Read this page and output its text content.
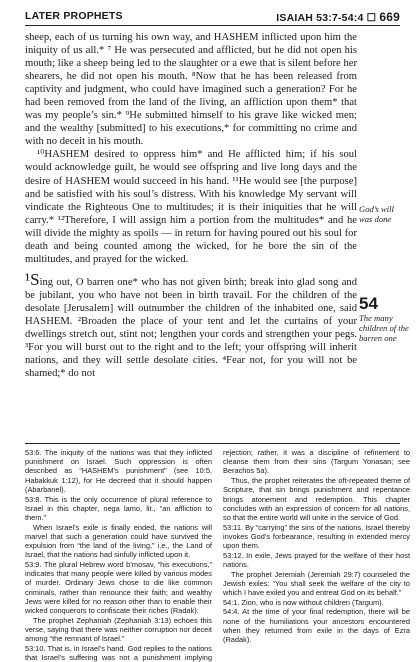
LATER PROPHETS	ISAIAH 53:7-54:4 ☐ 669

sheep, each of us turning his own way, and HASHEM inflicted upon him the iniquity of us all.* ⁷ He was persecuted and afflicted, but he did not open his mouth; like a sheep being led to the slaughter or a ewe that is silent before her shearers, he did not open his mouth. ⁸Now that he has been released from captivity and judgment, who could have imagined such a generation? For he had been removed from the land of the living, an affliction upon them* that was my people’s sin.* ⁹He submitted himself to his grave like wicked men; and the wealthy [submitted] to his executions,* for committing no crime and with no deceit in his mouth.

¹⁰HASHEM desired to oppress him* and He afflicted him; if his soul would acknowledge guilt, he would see offspring and live long days and the desire of HASHEM would succeed in his hand. ¹¹He would see [the purpose] and be satisfied with his soul’s distress. With his knowledge My servant will vindicate the Righteous One to multitudes; it is their iniquities that he will carry.* ¹²Therefore, I will assign him a portion from the multitudes* and he will divide the mighty as spoils — in return for having poured out his soul for death and being counted among the wicked, for he bore the sin of the multitudes, and prayed for the wicked.

¹Sing out, O barren one* who has not given birth; break into glad song and be jubilant, you who have not been in birth travail. For the children of the desolate [Jerusalem] will outnumber the children of the inhabited one, said HASHEM. ²Broaden the place of your tent and let the curtains of your dwellings stretch out, stint not; lengthen your cords and strengthen your pegs. ³For you will burst out to the right and to the left; your offspring will inherit nations, and they will settle desolate cities. ⁴Fear not, for you will not be shamed;* do not

God’s will was done
54
The many children of the barren one

53:6. The iniquity of the nations was that they inflicted punishment on Israel. Such oppression is often described as “HASHEM’s punishment” (see 10:5, Habakkuk 1:12), for He decreed that it should happen (Abarbanel).

53:8. This is the only occurrence of plural reference to Israel in this chapter, nega lamo, lit., “an affliction to them.”

When Israel’s exile is finally ended, the nations will marvel that such a generation could have survived the expulsion from “the land of the living,” i.e., the Land of Israel, that the nations had sinfully inflicted upon it.

53:9. The plural Hebrew word b’mosav, “his executions,” indicates that many people were killed by various modes of murder. Ordinary Jews chose to die like common criminals, rather than renounce their faith; and wealthy Jews were killed for no reason other than to enable their wicked conquerors to confiscate their riches (Radak).

The prophet Zephaniah (Zephaniah 3:13) echoes this verse, saying that there was neither corruption nor deceit among “the remnant of Israel.”

53:10. That is, in Israel’s hand. God replies to the nations that Israel’s suffering was not a punishment implying rejection; rather, it was a discipline of refinement to cleanse them from their sins (Targum Yonasan; see Berachos 5a).

Thus, the prophet reiterates the oft-repeated theme of Scripture, that sin brings punishment and repentance brings atonement and redemption. This chapter concludes with an expression of concern for all nations, so that the entire world will unite in the service of God.

53:11. By “carrying” the sins of the nations, Israel thereby invokes God’s forbearance, resulting in extended mercy upon them.

53:12. In exile, Jews prayed for the welfare of their host nations.

The prophet Jeremiah (Jeremiah 29:7) counseled the Jewish exiles: “You shall seek the welfare of the city to which I have exiled you and entreat God on its behalf.”

54:1. Zion, who is now without children (Targum).

54:4. At the time of your final redemption, there will be none of the humiliations your ancestors encountered when they returned from exile in the days of Ezra (Radak).
